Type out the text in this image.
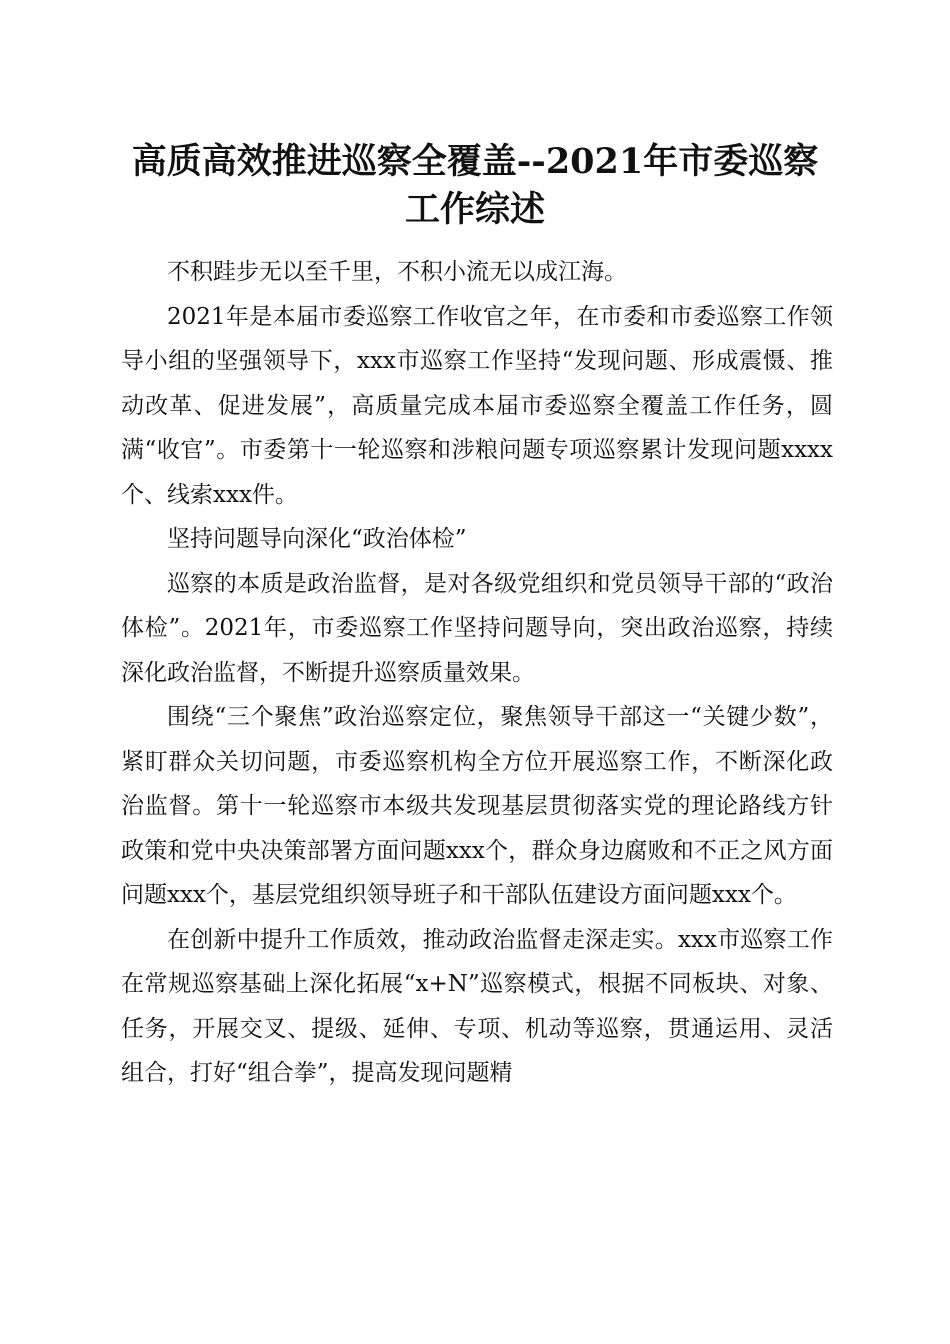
高质高效推进巡察全覆盖--2021年市委巡察
工作综述

不积跬步无以至千里，不积小流无以成江海。

2021年是本届市委巡察工作收官之年，在市委和市委巡察工作领导小组的坚强领导下，xxx市巡察工作坚持“发现问题、形成震慑、推动改革、促进发展”，高质量完成本届市委巡察全覆盖工作任务，圆满“收官”。市委第十一轮巡察和涉粮问题专项巡察累计发现问题xxxx个、线索xxx件。

坚持问题导向深化“政治体检”

巡察的本质是政治监督，是对各级党组织和党员领导干部的“政治体检”。2021年，市委巡察工作坚持问题导向，突出政治巡察，持续深化政治监督，不断提升巡察质量效果。

围绕“三个聚焦”政治巡察定位，聚焦领导干部这一“关键少数”，紧盯群众关切问题，市委巡察机构全方位开展巡察工作，不断深化政治监督。第十一轮巡察市本级共发现基层贯彻落实党的理论路线方针政策和党中央决策部署方面问题xxx个，群众身边腐败和不正之风方面问题xxx个，基层党组织领导班子和干部队伍建设方面问题xxx个。

在创新中提升工作质效，推动政治监督走深走实。xxx市巡察工作在常规巡察基础上深化拓展“x+N”巡察模式，根据不同板块、对象、任务，开展交叉、提级、延伸、专项、机动等巡察，贯通运用、灵活组合，打好“组合拳”，提高发现问题精
